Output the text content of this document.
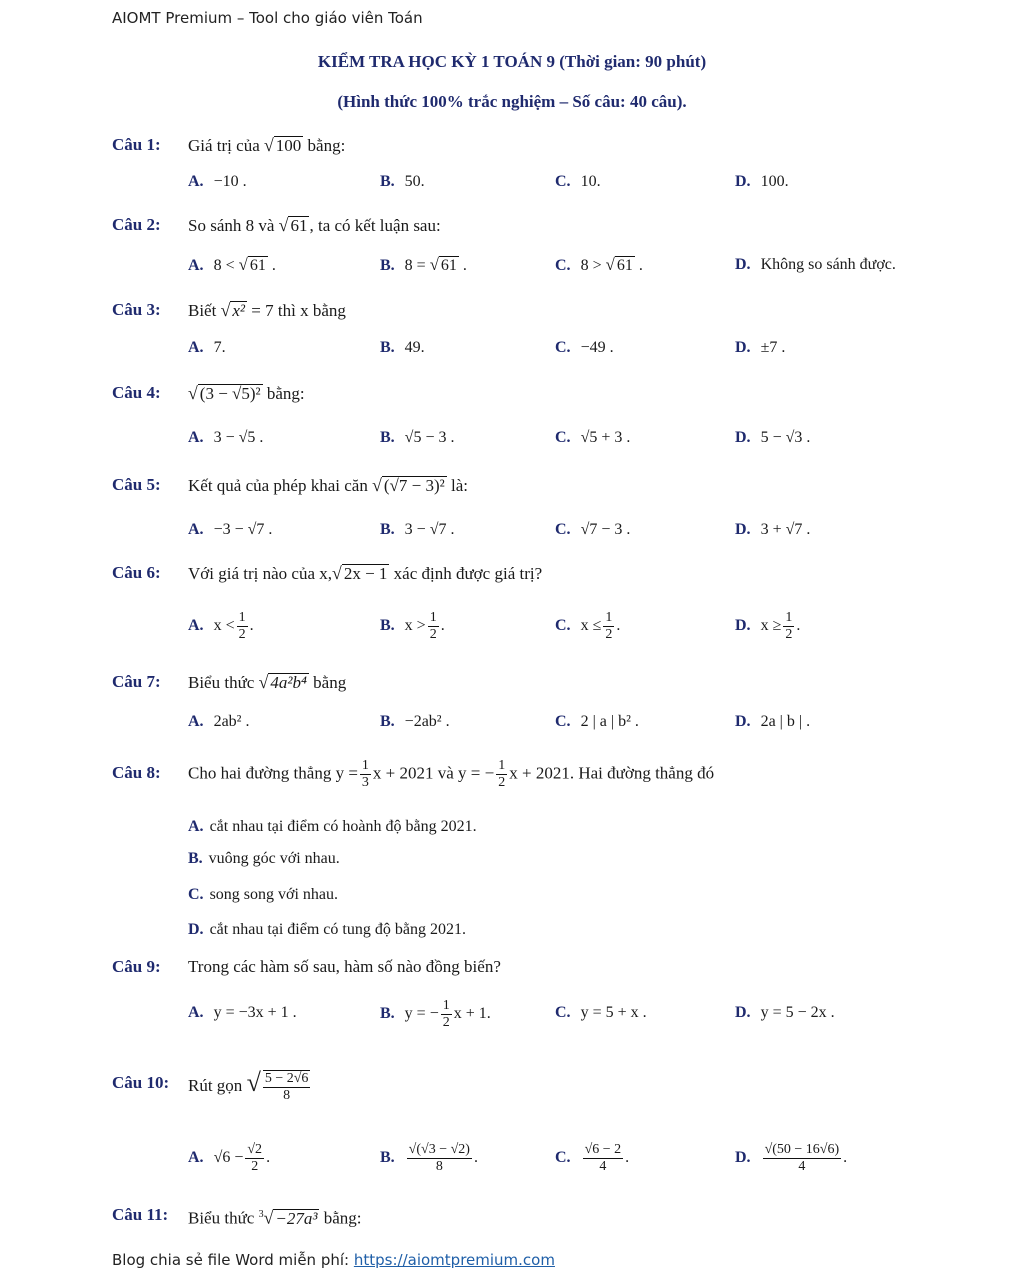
AIOMT Premium – Tool cho giáo viên Toán
KIỂM TRA HỌC KỲ 1 TOÁN 9 (Thời gian: 90 phút)
(Hình thức 100% trắc nghiệm – Số câu: 40 câu).
Câu 1: Giá trị của √ 100 bằng:
A. −10 .	B. 50.	C. 10.	D. 100.
Câu 2: So sánh 8 và √ 61 , ta có kết luận sau:
A. 8 < √ 61 .	B. 8 = √ 61 .	C. 8 > √ 61 .	D. Không so sánh được.
Câu 3: Biết √ x² = 7 thì x bằng
A. 7.	B. 49.	C. −49 .	D. ±7 .
Câu 4: √ (3 − √5)² bằng:
A. 3 − √5 .	B. √5 − 3 .	C. √5 + 3 .	D. 5 − √3 .
Câu 5: Kết quả của phép khai căn √ (√7 − 3)² là:
A. −3 − √7 .	B. 3 − √7 .	C. √7 − 3 .	D. 3 + √7 .
Câu 6: Với giá trị nào của x,√ 2x − 1 xác định được giá trị?
A. $x < \frac{1}{2}$ .	B. $x > \frac{1}{2}$ .	C. $x \le \frac{1}{2}$ .	D. $x \ge \frac{1}{2}$ .
Câu 7: Biểu thức √ 4a²b⁴ bằng
A. 2ab² .	B. −2ab² .	C. 2 | a | b² .	D. 2a | b | .
Câu 8: Cho hai đường thẳng $y = \frac{1}{3}$ x + 2021 và y = − $\frac{1}{2}$ x + 2021. Hai đường thẳng đó
A. cắt nhau tại điểm có hoành độ bằng 2021.
B. vuông góc với nhau.
C. song song với nhau.
D. cắt nhau tại điểm có tung độ bằng 2021.
Câu 9: Trong các hàm số sau, hàm số nào đồng biến?
A. y = −3x + 1 .	B. y = − $\frac{1}{2}$ x + 1.	C. y = 5 + x .	D. y = 5 − 2x .
Câu 10: Rút gọn √ $\frac{5 - 2√6}{8}$
A. $√6 - \frac{√2}{2}$ .	B. $\frac{√(√3 - √2)}{8}$ .	C. $\frac{√6 - 2}{4}$ .	D. $\frac{√(50 - 16√6)}{4}$ .
Câu 11: Biểu thức $^3$√ −27a³ bằng:
Blog chia sẻ file Word miễn phí: https://aiomtpremium.com
